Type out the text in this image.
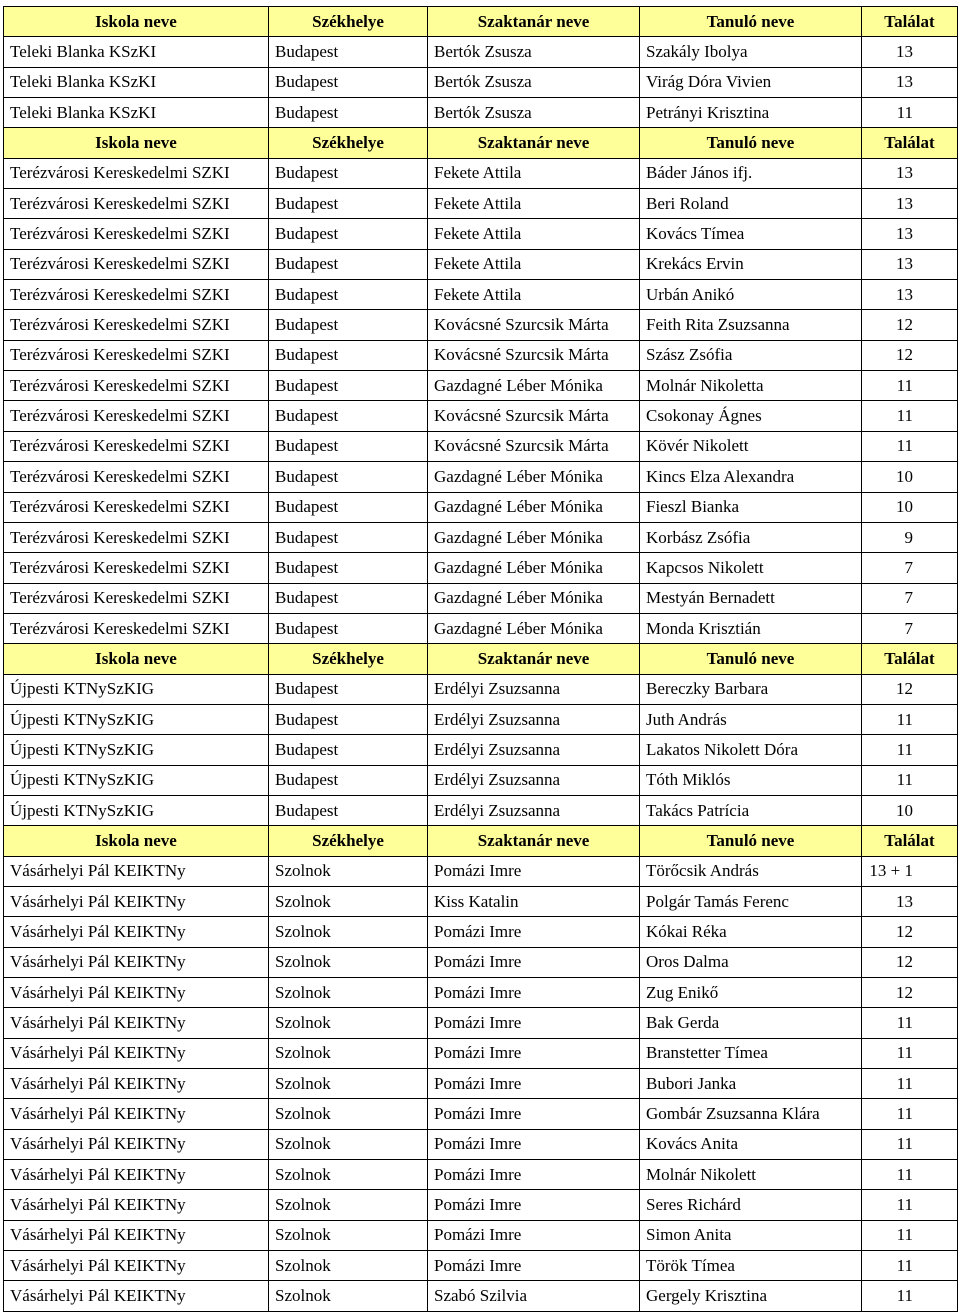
Iskola neve	Székhelye	Szaktanár neve	Tanuló neve	Találat
Teleki Blanka KSzKI	Budapest	Bertók Zsusza	Szakály Ibolya	13
Teleki Blanka KSzKI	Budapest	Bertók Zsusza	Virág Dóra Vivien	13
Teleki Blanka KSzKI	Budapest	Bertók Zsusza	Petrányi Krisztina	11
Iskola neve	Székhelye	Szaktanár neve	Tanuló neve	Találat
Terézvárosi Kereskedelmi SZKI	Budapest	Fekete Attila	Báder János ifj.	13
Terézvárosi Kereskedelmi SZKI	Budapest	Fekete Attila	Beri Roland	13
Terézvárosi Kereskedelmi SZKI	Budapest	Fekete Attila	Kovács Tímea	13
Terézvárosi Kereskedelmi SZKI	Budapest	Fekete Attila	Krekács Ervin	13
Terézvárosi Kereskedelmi SZKI	Budapest	Fekete Attila	Urbán Anikó	13
Terézvárosi Kereskedelmi SZKI	Budapest	Kovácsné Szurcsik Márta	Feith Rita Zsuzsanna	12
Terézvárosi Kereskedelmi SZKI	Budapest	Kovácsné Szurcsik Márta	Szász Zsófia	12
Terézvárosi Kereskedelmi SZKI	Budapest	Gazdagné Léber Mónika	Molnár Nikoletta	11
Terézvárosi Kereskedelmi SZKI	Budapest	Kovácsné Szurcsik Márta	Csokonay Ágnes	11
Terézvárosi Kereskedelmi SZKI	Budapest	Kovácsné Szurcsik Márta	Kövér Nikolett	11
Terézvárosi Kereskedelmi SZKI	Budapest	Gazdagné Léber Mónika	Kincs Elza Alexandra	10
Terézvárosi Kereskedelmi SZKI	Budapest	Gazdagné Léber Mónika	Fieszl Bianka	10
Terézvárosi Kereskedelmi SZKI	Budapest	Gazdagné Léber Mónika	Korbász Zsófia	9
Terézvárosi Kereskedelmi SZKI	Budapest	Gazdagné Léber Mónika	Kapcsos Nikolett	7
Terézvárosi Kereskedelmi SZKI	Budapest	Gazdagné Léber Mónika	Mestyán Bernadett	7
Terézvárosi Kereskedelmi SZKI	Budapest	Gazdagné Léber Mónika	Monda Krisztián	7
Iskola neve	Székhelye	Szaktanár neve	Tanuló neve	Találat
Újpesti KTNySzKIG	Budapest	Erdélyi Zsuzsanna	Bereczky Barbara	12
Újpesti KTNySzKIG	Budapest	Erdélyi Zsuzsanna	Juth András	11
Újpesti KTNySzKIG	Budapest	Erdélyi Zsuzsanna	Lakatos Nikolett Dóra	11
Újpesti KTNySzKIG	Budapest	Erdélyi Zsuzsanna	Tóth Miklós	11
Újpesti KTNySzKIG	Budapest	Erdélyi Zsuzsanna	Takács Patrícia	10
Iskola neve	Székhelye	Szaktanár neve	Tanuló neve	Találat
Vásárhelyi Pál KEIKTNy	Szolnok	Pomázi Imre	Törőcsik András	13 + 1
Vásárhelyi Pál KEIKTNy	Szolnok	Kiss Katalin	Polgár Tamás Ferenc	13
Vásárhelyi Pál KEIKTNy	Szolnok	Pomázi Imre	Kókai Réka	12
Vásárhelyi Pál KEIKTNy	Szolnok	Pomázi Imre	Oros Dalma	12
Vásárhelyi Pál KEIKTNy	Szolnok	Pomázi Imre	Zug Enikő	12
Vásárhelyi Pál KEIKTNy	Szolnok	Pomázi Imre	Bak Gerda	11
Vásárhelyi Pál KEIKTNy	Szolnok	Pomázi Imre	Branstetter Tímea	11
Vásárhelyi Pál KEIKTNy	Szolnok	Pomázi Imre	Bubori Janka	11
Vásárhelyi Pál KEIKTNy	Szolnok	Pomázi Imre	Gombár Zsuzsanna Klára	11
Vásárhelyi Pál KEIKTNy	Szolnok	Pomázi Imre	Kovács Anita	11
Vásárhelyi Pál KEIKTNy	Szolnok	Pomázi Imre	Molnár Nikolett	11
Vásárhelyi Pál KEIKTNy	Szolnok	Pomázi Imre	Seres Richárd	11
Vásárhelyi Pál KEIKTNy	Szolnok	Pomázi Imre	Simon Anita	11
Vásárhelyi Pál KEIKTNy	Szolnok	Pomázi Imre	Török Tímea	11
Vásárhelyi Pál KEIKTNy	Szolnok	Szabó Szilvia	Gergely Krisztina	11
